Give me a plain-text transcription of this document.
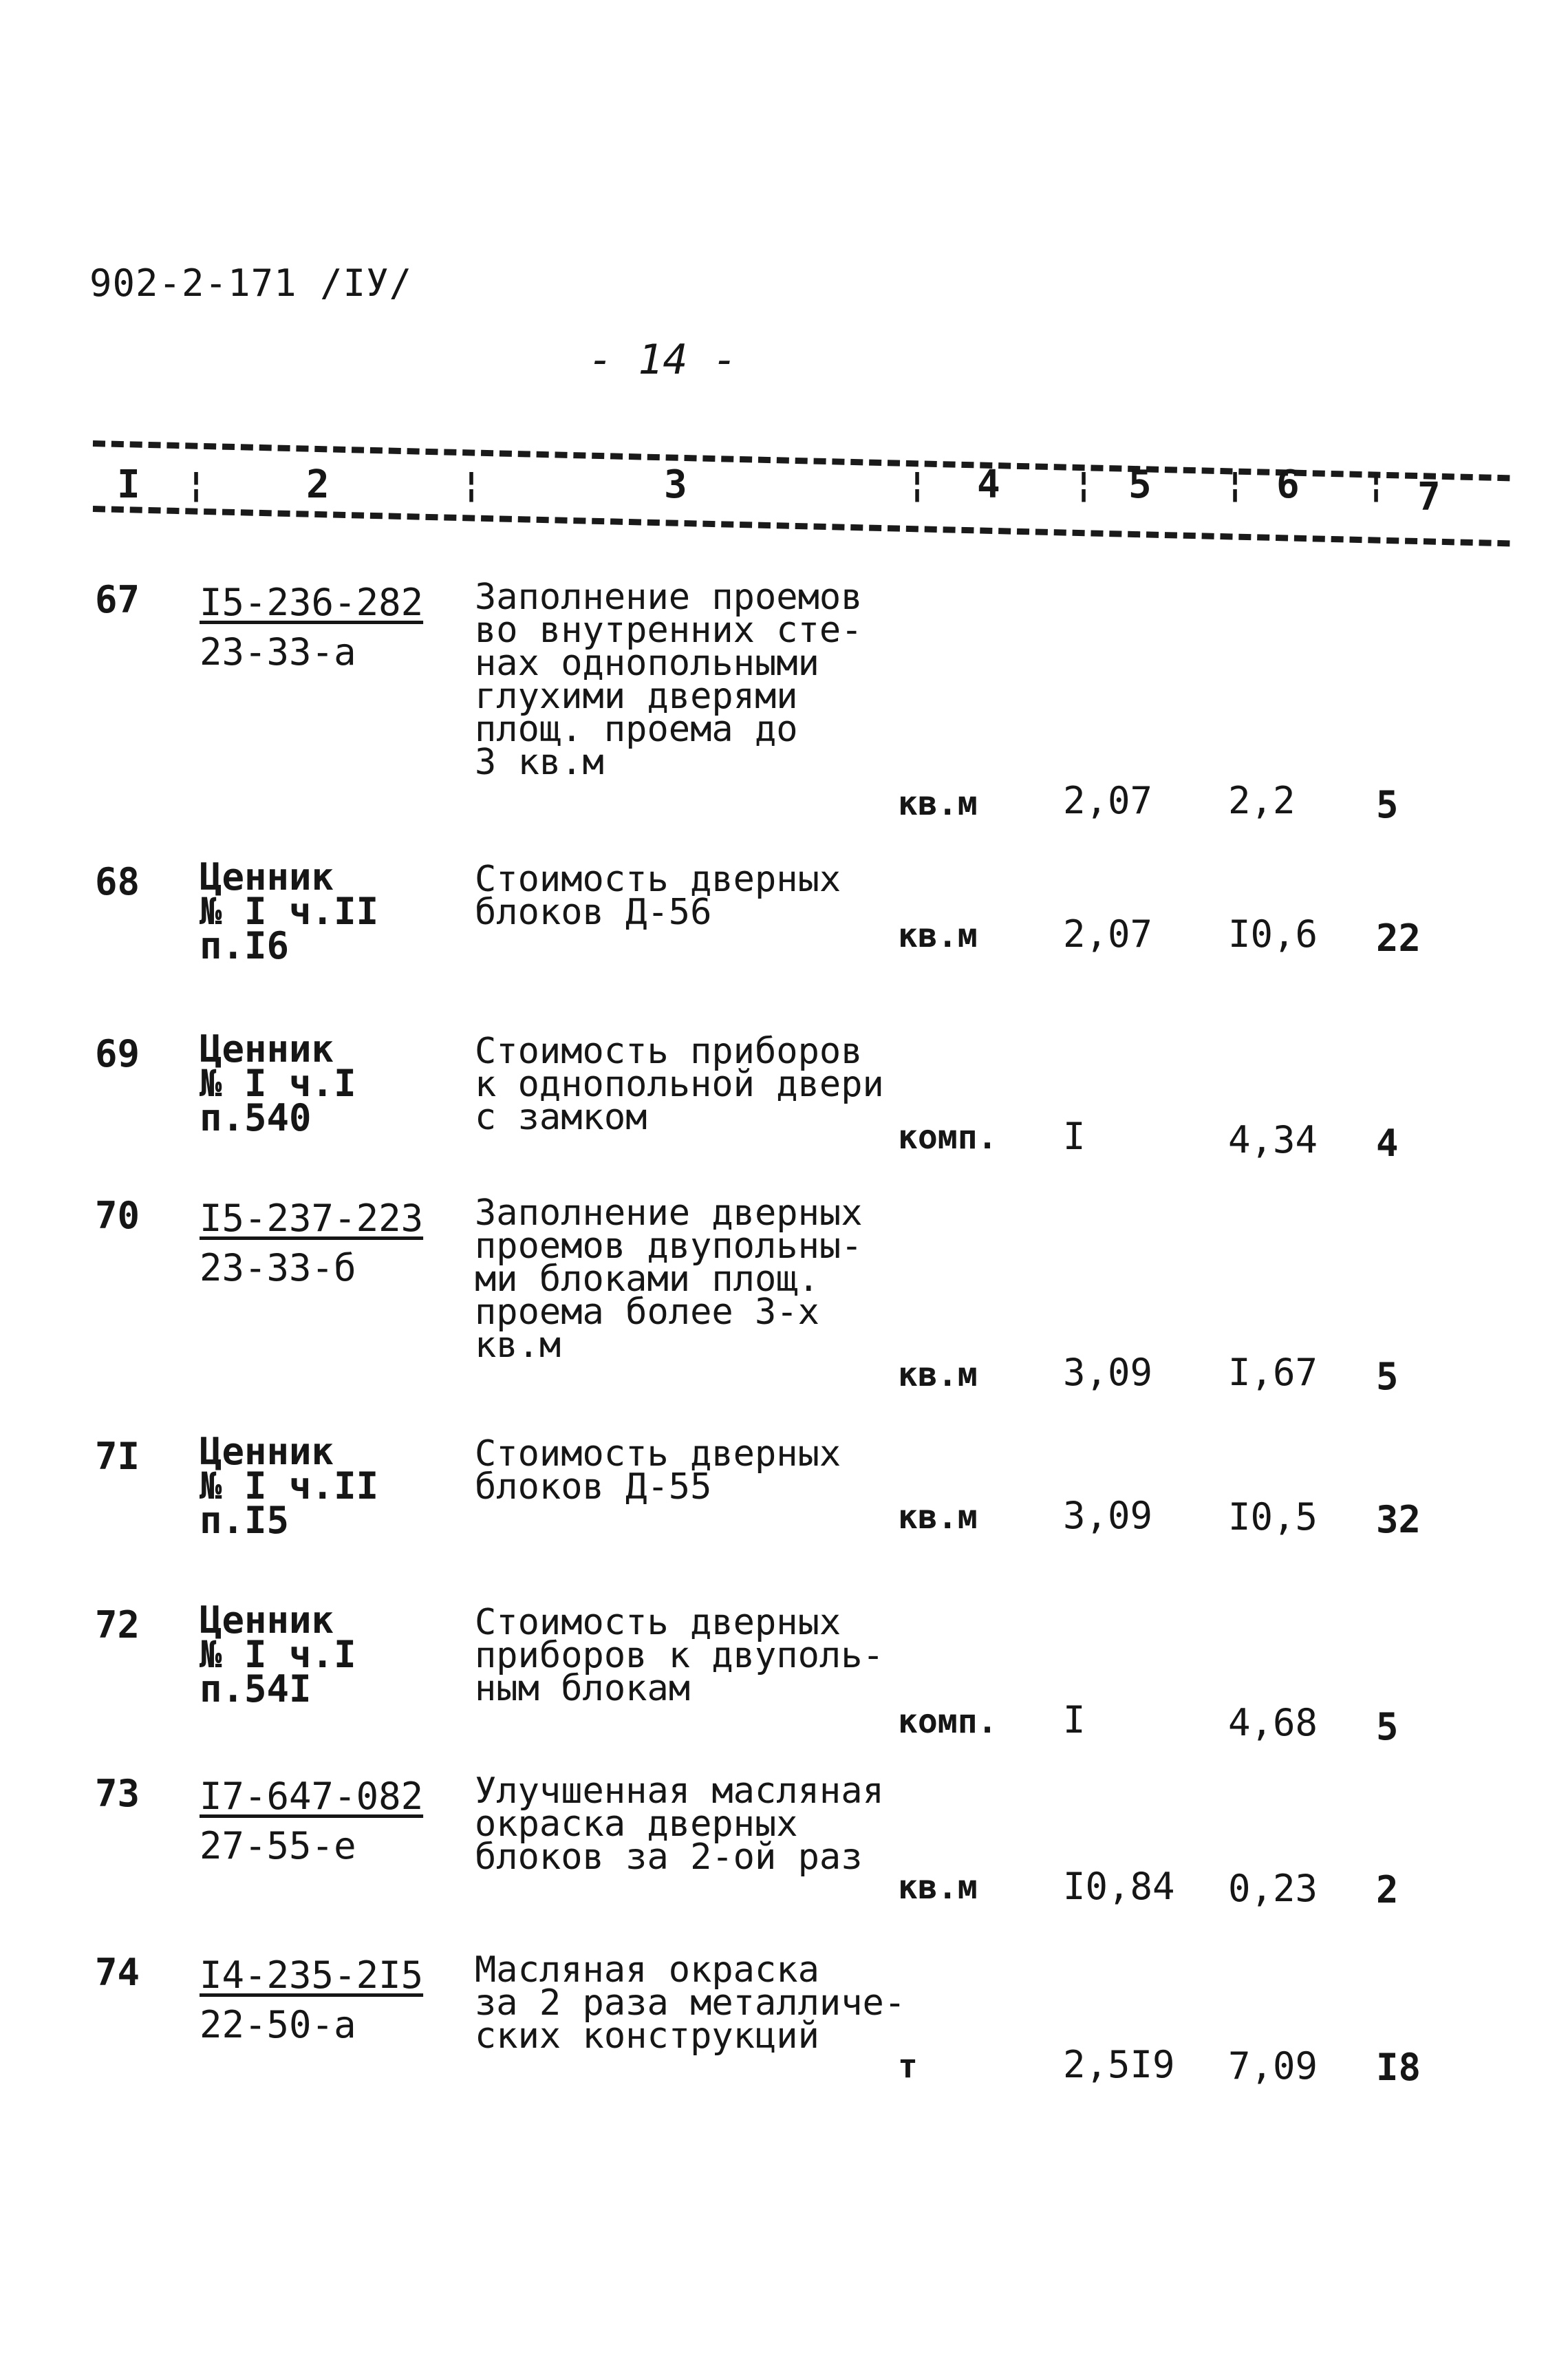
902-2-171 /IУ/
- 14 -
I ¦	2	¦	3	¦ 4 ¦ 5 ¦ 6 ¦ 7
67 I5-236-282
23-33-а
Заполнение проемов
во внутренних сте-
нах однопольными
глухими дверями
площ. проема до
3 кв.м
кв.м 2,07 2,2 5
68 Ценник
№ I ч.II
п.I6
Стоимость дверных
блоков Д-56
кв.м 2,07 I0,6 22
69 Ценник
№ I ч.I
п.540
Стоимость приборов
к однопольной двери
с замком	комп. I	4,34 4
70 I5-237-223
23-33-б
Заполнение дверных
проемов двупольны-
ми блоками площ.
проема более 3-х
кв.м
кв.м 3,09 I,67 5
7I Ценник
№ I ч.II
п.I5
Стоимость дверных
блоков Д-55
кв.м 3,09 I0,5 32
72 Ценник
№ I ч.I
п.54I
Стоимость дверных
приборов к двуполь-
ным блокам
комп. I	4,68 5
73 I7-647-082
27-55-е
Улучшенная масляная
окраска дверных
блоков за 2-ой раз
кв.м I0,84 0,23 2
74 I4-235-2I5
22-50-а
Масляная окраска
за 2 раза металличе-
ских конструкций
т	2,5I9 7,09 I8
